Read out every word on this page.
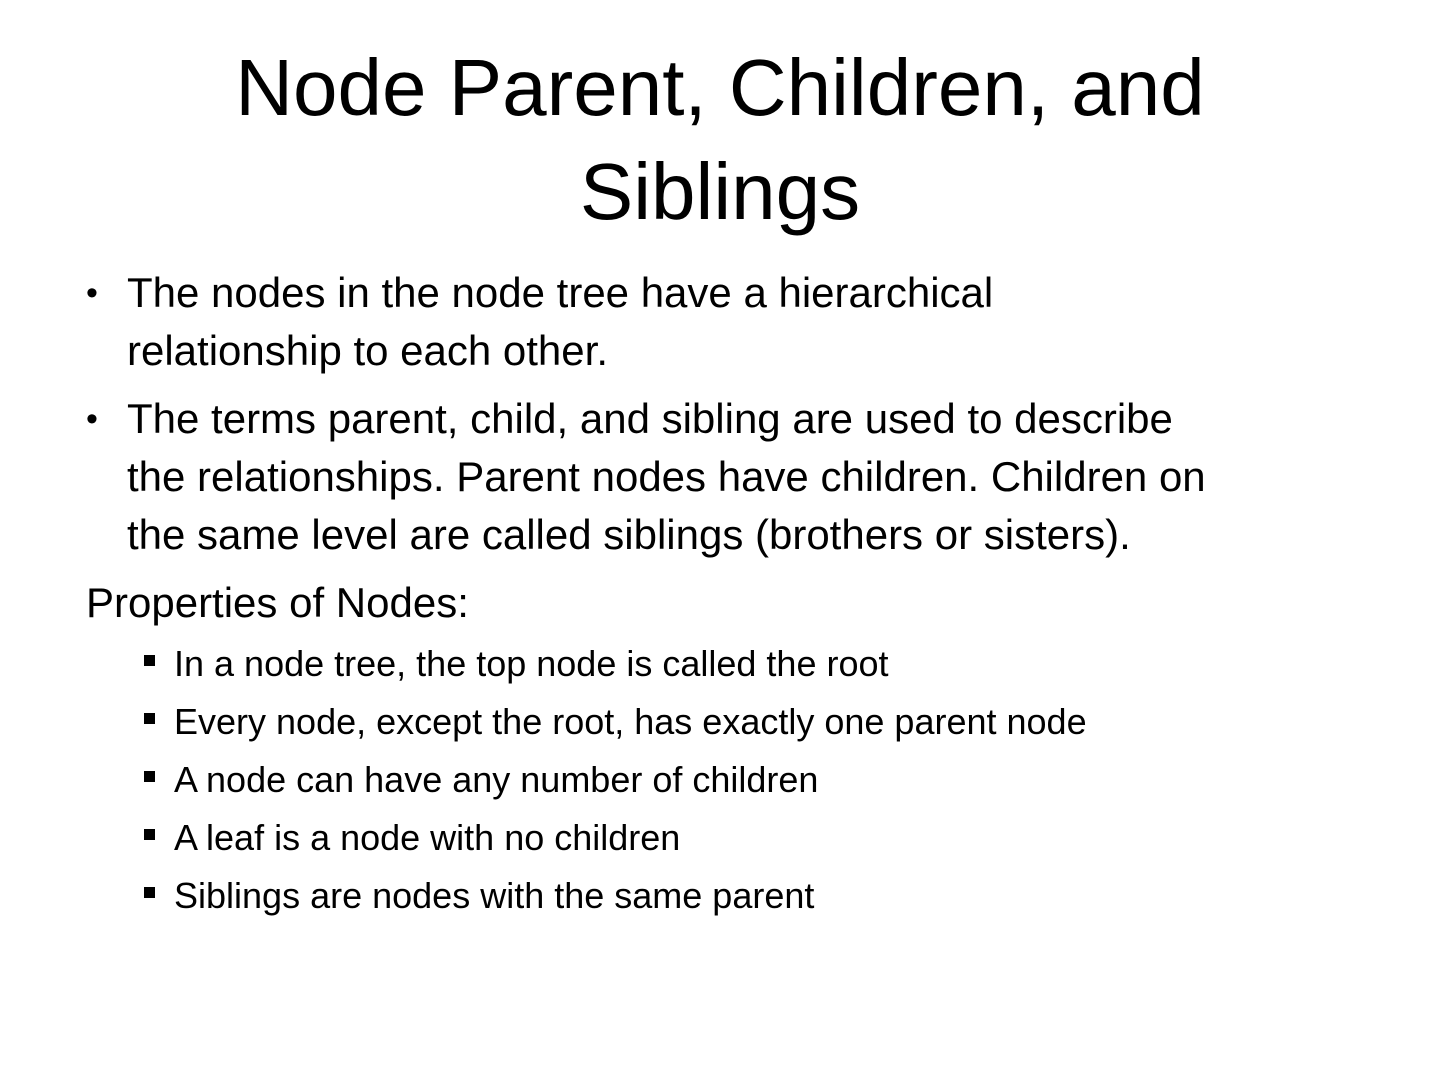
Node Parent, Children, and
Siblings
• The nodes in the node tree have a hierarchical
relationship to each other.
• The terms parent, child, and sibling are used to describe
the relationships. Parent nodes have children. Children on
the same level are called siblings (brothers or sisters).
Properties of Nodes:
In a node tree, the top node is called the root
Every node, except the root, has exactly one parent node
A node can have any number of children
A leaf is a node with no children
Siblings are nodes with the same parent
